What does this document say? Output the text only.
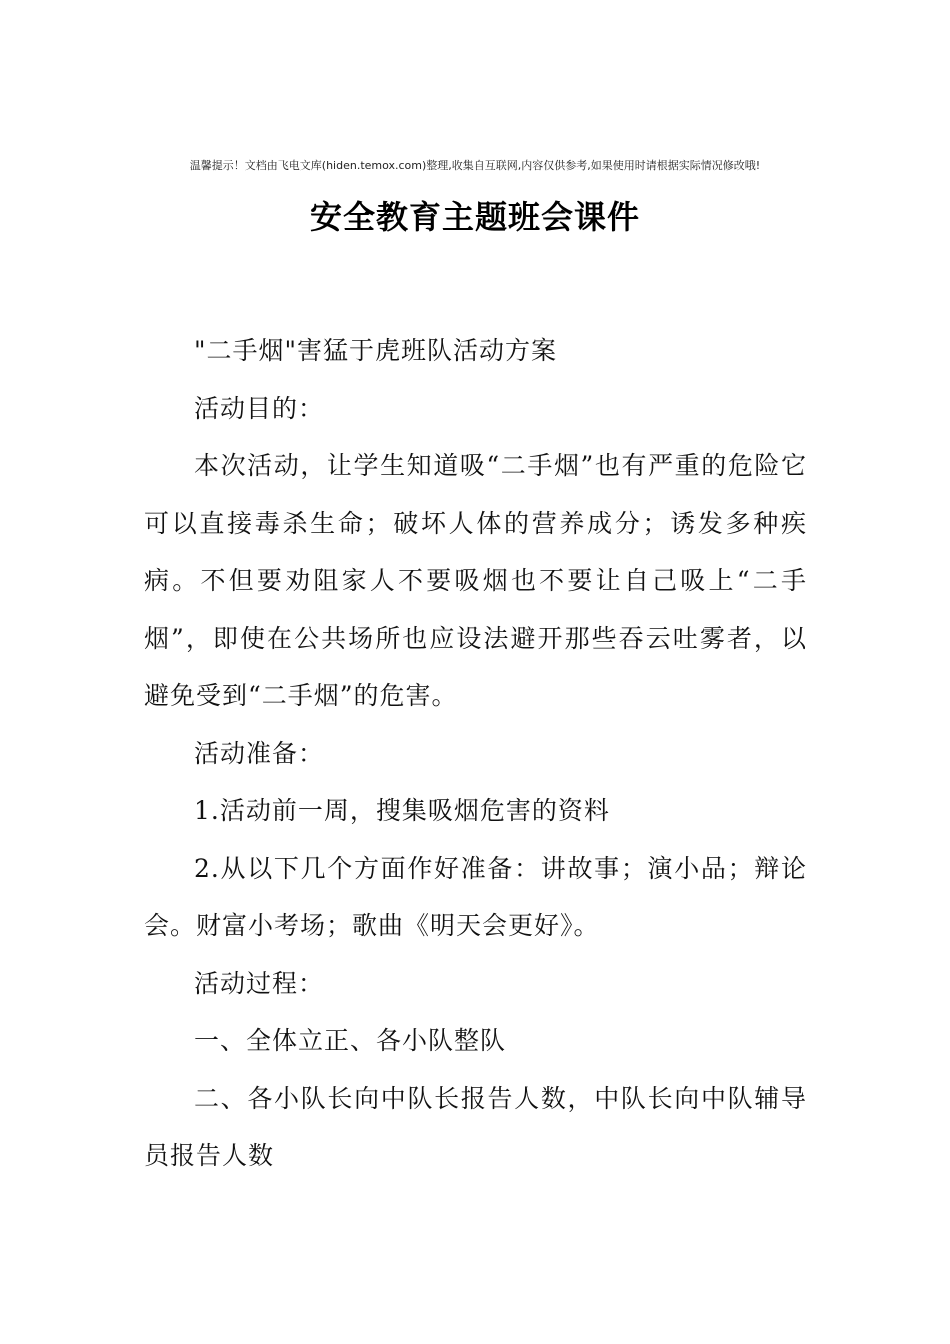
温馨提示！文档由飞电文库(hiden.temox.com)整理,收集自互联网,内容仅供参考,如果使用时请根据实际情况修改哦!
安全教育主题班会课件

"二手烟"害猛于虎班队活动方案

活动目的：

本次活动，让学生知道吸“二手烟”也有严重的危险它可以直接毒杀生命；破坏人体的营养成分；诱发多种疾病。不但要劝阻家人不要吸烟也不要让自己吸上“二手烟”，即使在公共场所也应设法避开那些吞云吐雾者，以避免受到“二手烟”的危害。

活动准备：

1.活动前一周，搜集吸烟危害的资料

2.从以下几个方面作好准备：讲故事；演小品；辩论会。财富小考场；歌曲《明天会更好》。

活动过程：

一、全体立正、各小队整队

二、各小队长向中队长报告人数，中队长向中队辅导员报告人数
